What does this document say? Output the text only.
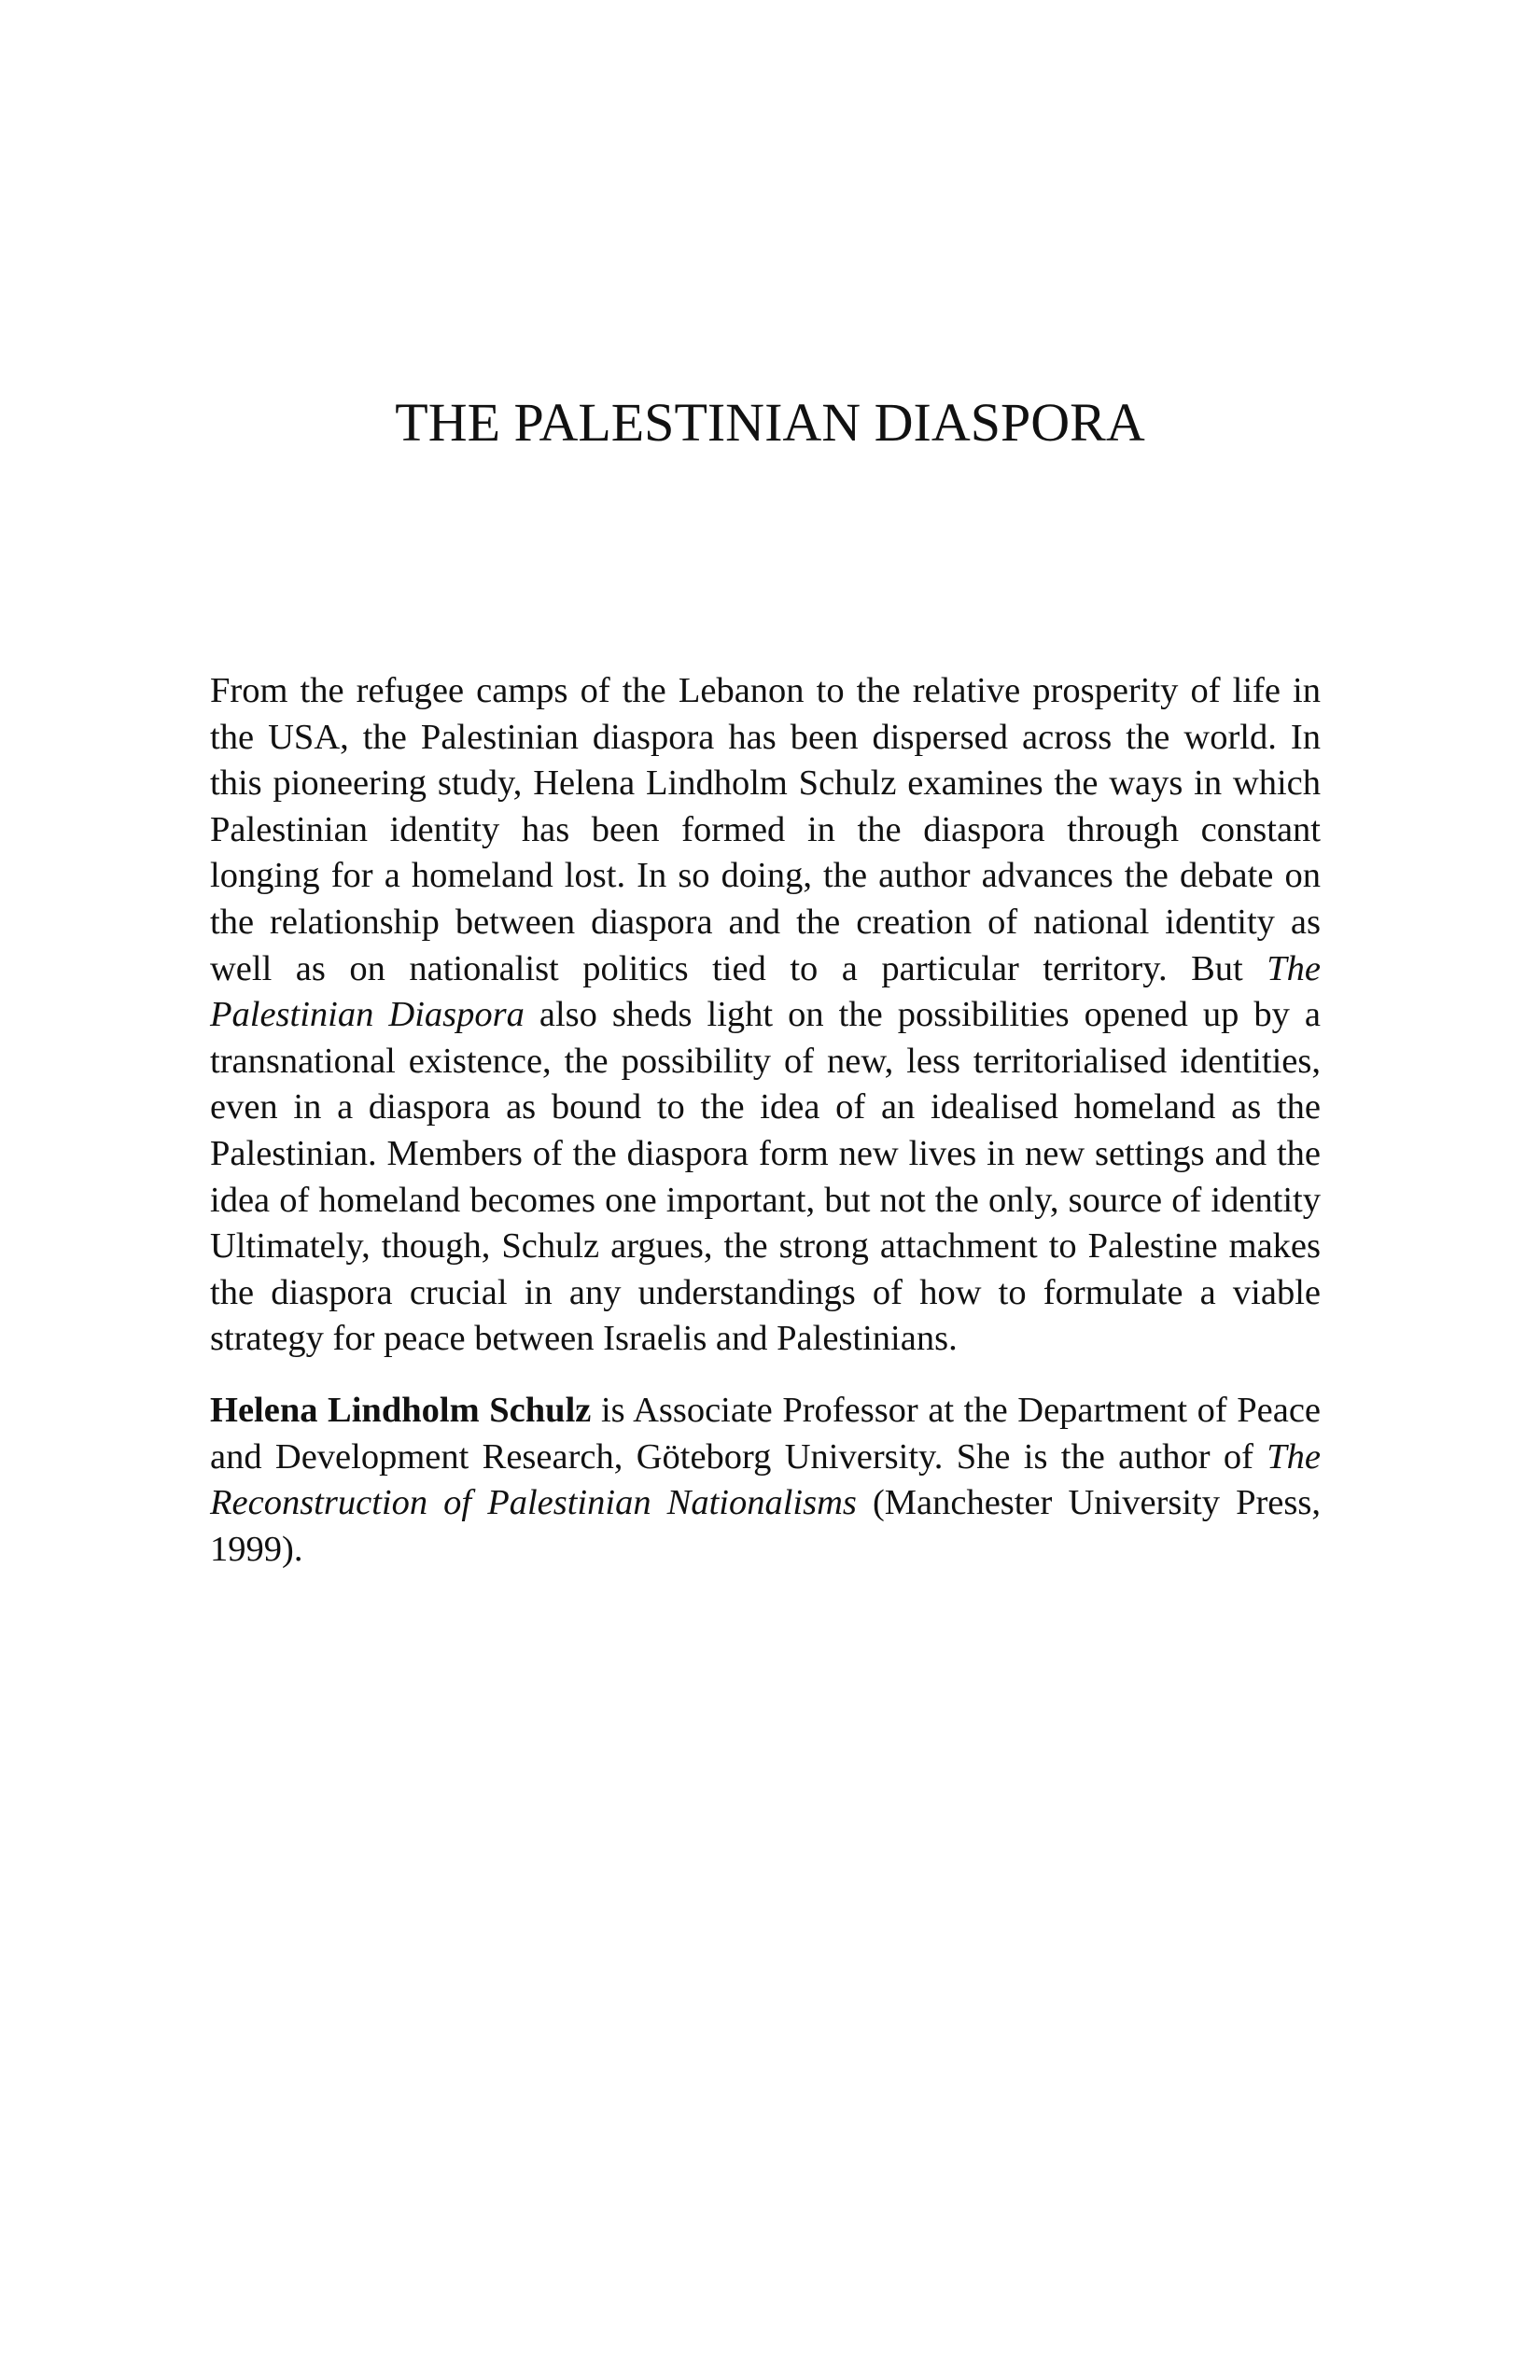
THE PALESTINIAN DIASPORA

From the refugee camps of the Lebanon to the relative prosperity of life in the USA, the Palestinian diaspora has been dispersed across the world. In this pioneering study, Helena Lindholm Schulz examines the ways in which Palestinian identity has been formed in the diaspora through constant longing for a homeland lost. In so doing, the author advances the debate on the relationship between diaspora and the creation of national identity as well as on nationalist politics tied to a particular territory. But The Palestinian Diaspora also sheds light on the possibilities opened up by a transnational existence, the possibility of new, less territorialised identities, even in a diaspora as bound to the idea of an idealised homeland as the Palestinian. Members of the diaspora form new lives in new settings and the idea of homeland becomes one important, but not the only, source of identity Ultimately, though, Schulz argues, the strong attachment to Palestine makes the diaspora crucial in any understandings of how to formulate a viable strategy for peace between Israelis and Palestinians.

Helena Lindholm Schulz is Associate Professor at the Department of Peace and Development Research, Göteborg University. She is the author of The Reconstruction of Palestinian Nationalisms (Manchester University Press, 1999).
